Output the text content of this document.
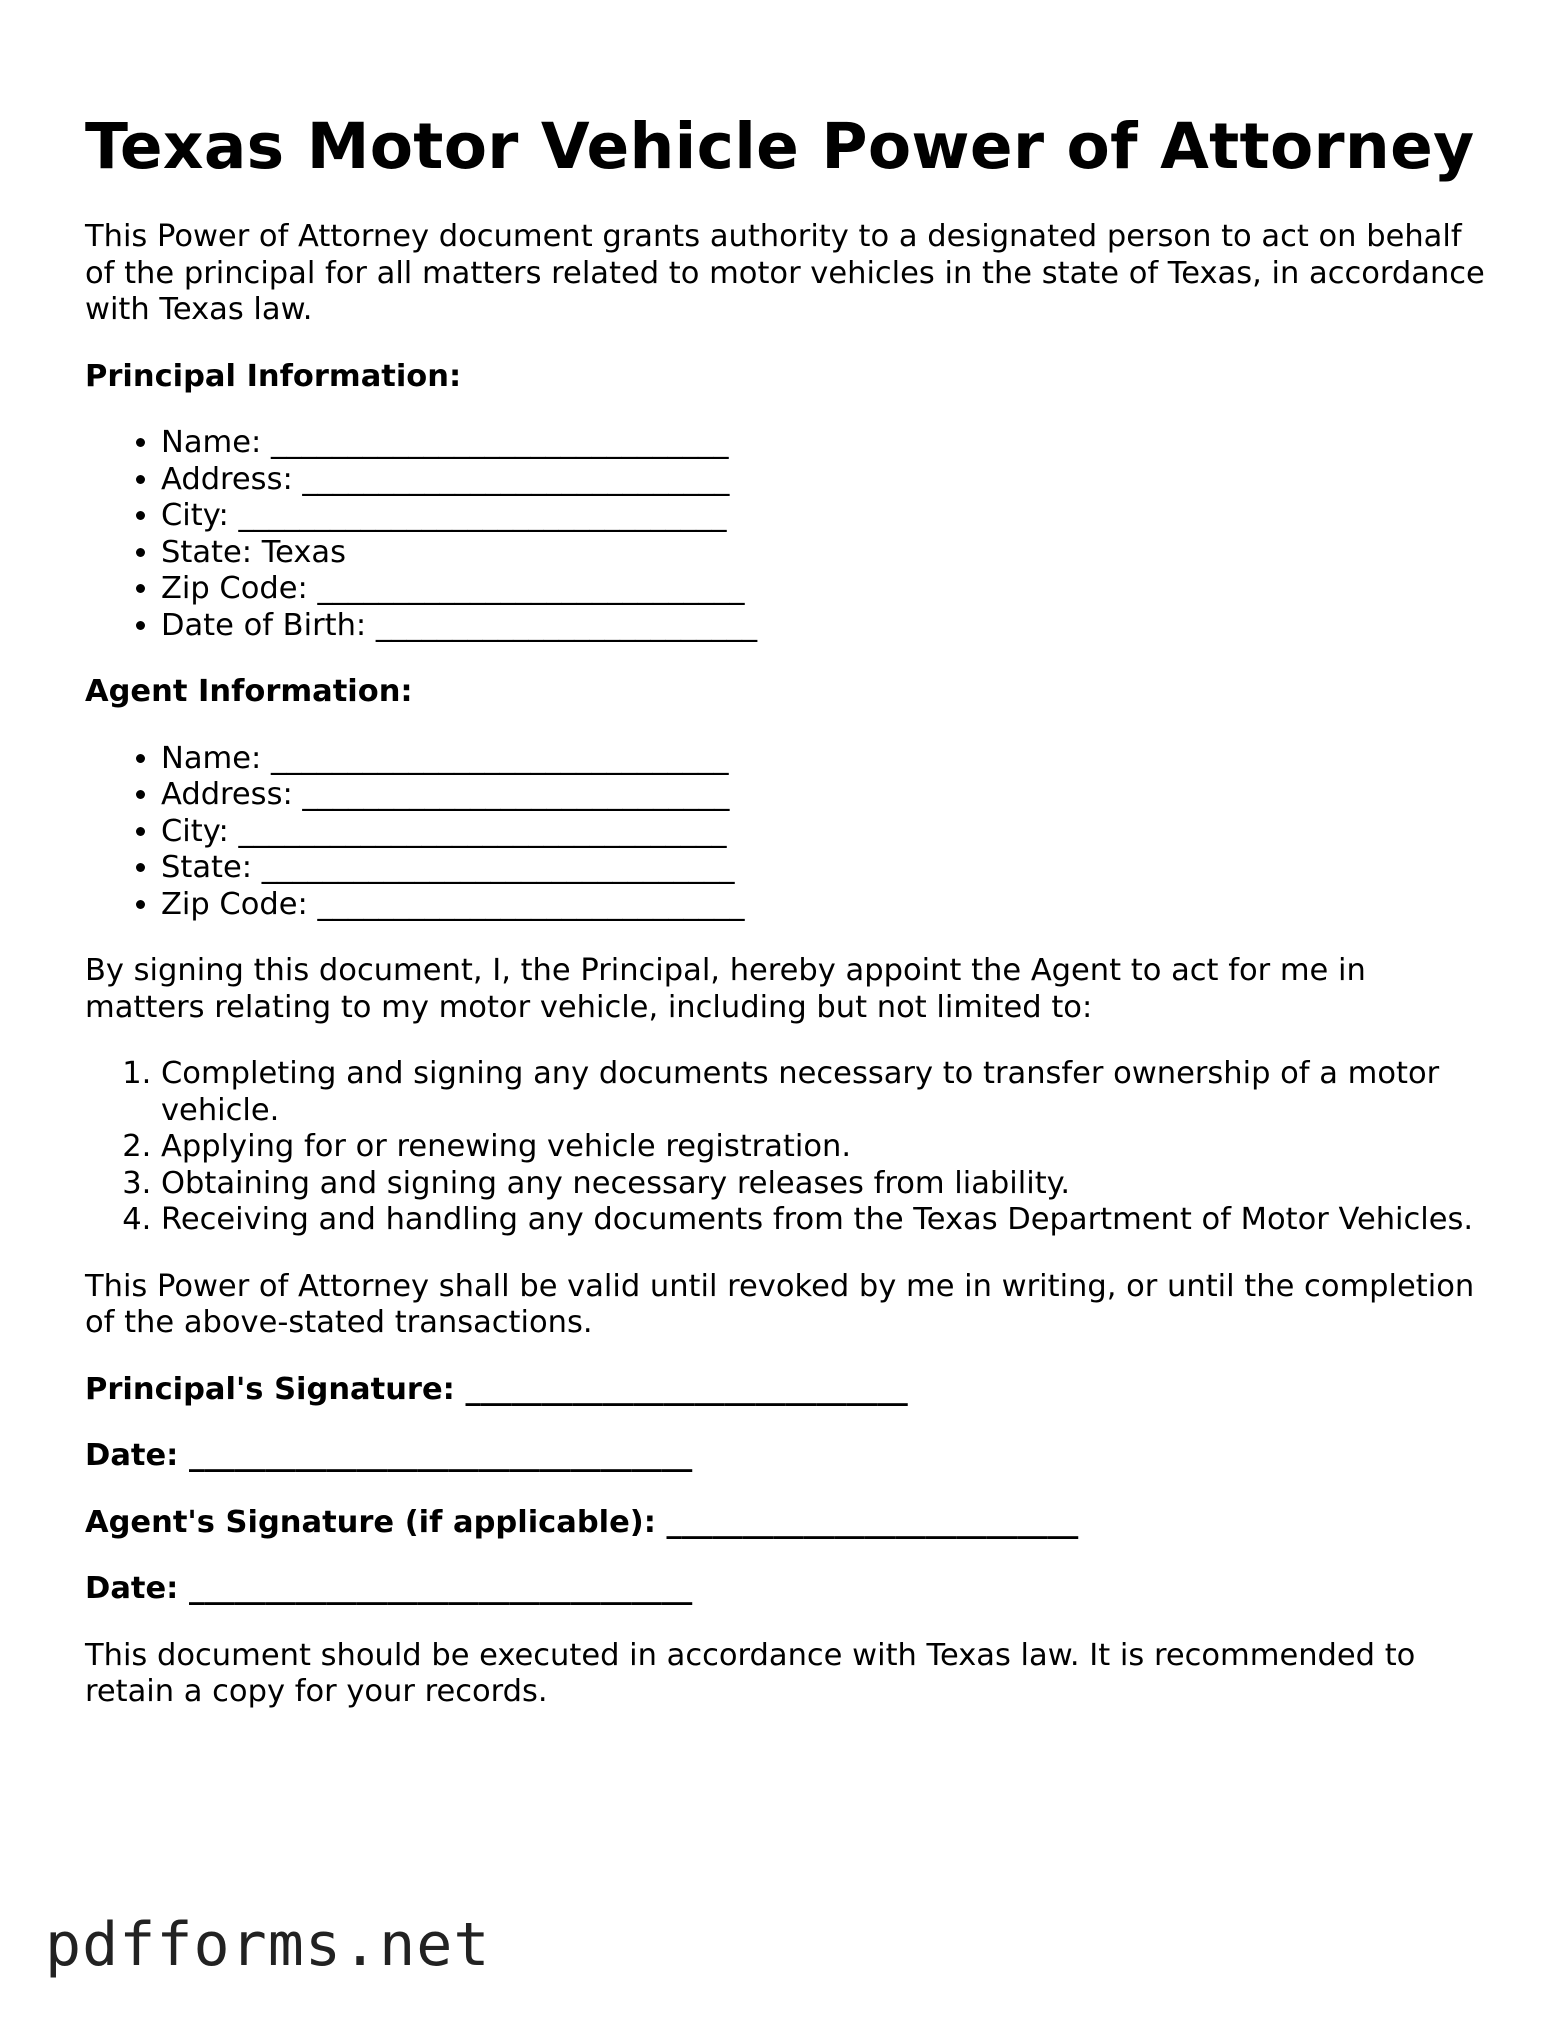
Texas Motor Vehicle Power of Attorney

This Power of Attorney document grants authority to a designated person to act on behalf of the principal for all matters related to motor vehicles in the state of Texas, in accordance with Texas law.

Principal Information:

• Name: ______________________________
• Address: ____________________________
• City: ________________________________
• State: Texas
• Zip Code: ____________________________
• Date of Birth: _________________________

Agent Information:

• Name: ______________________________
• Address: ____________________________
• City: ________________________________
• State: _______________________________
• Zip Code: ____________________________

By signing this document, I, the Principal, hereby appoint the Agent to act for me in matters relating to my motor vehicle, including but not limited to:

1. Completing and signing any documents necessary to transfer ownership of a motor vehicle.
2. Applying for or renewing vehicle registration.
3. Obtaining and signing any necessary releases from liability.
4. Receiving and handling any documents from the Texas Department of Motor Vehicles.

This Power of Attorney shall be valid until revoked by me in writing, or until the completion of the above-stated transactions.

Principal's Signature: _____________________________

Date: _________________________________

Agent's Signature (if applicable): ___________________________

Date: _________________________________

This document should be executed in accordance with Texas law. It is recommended to retain a copy for your records.

pdfforms.net
